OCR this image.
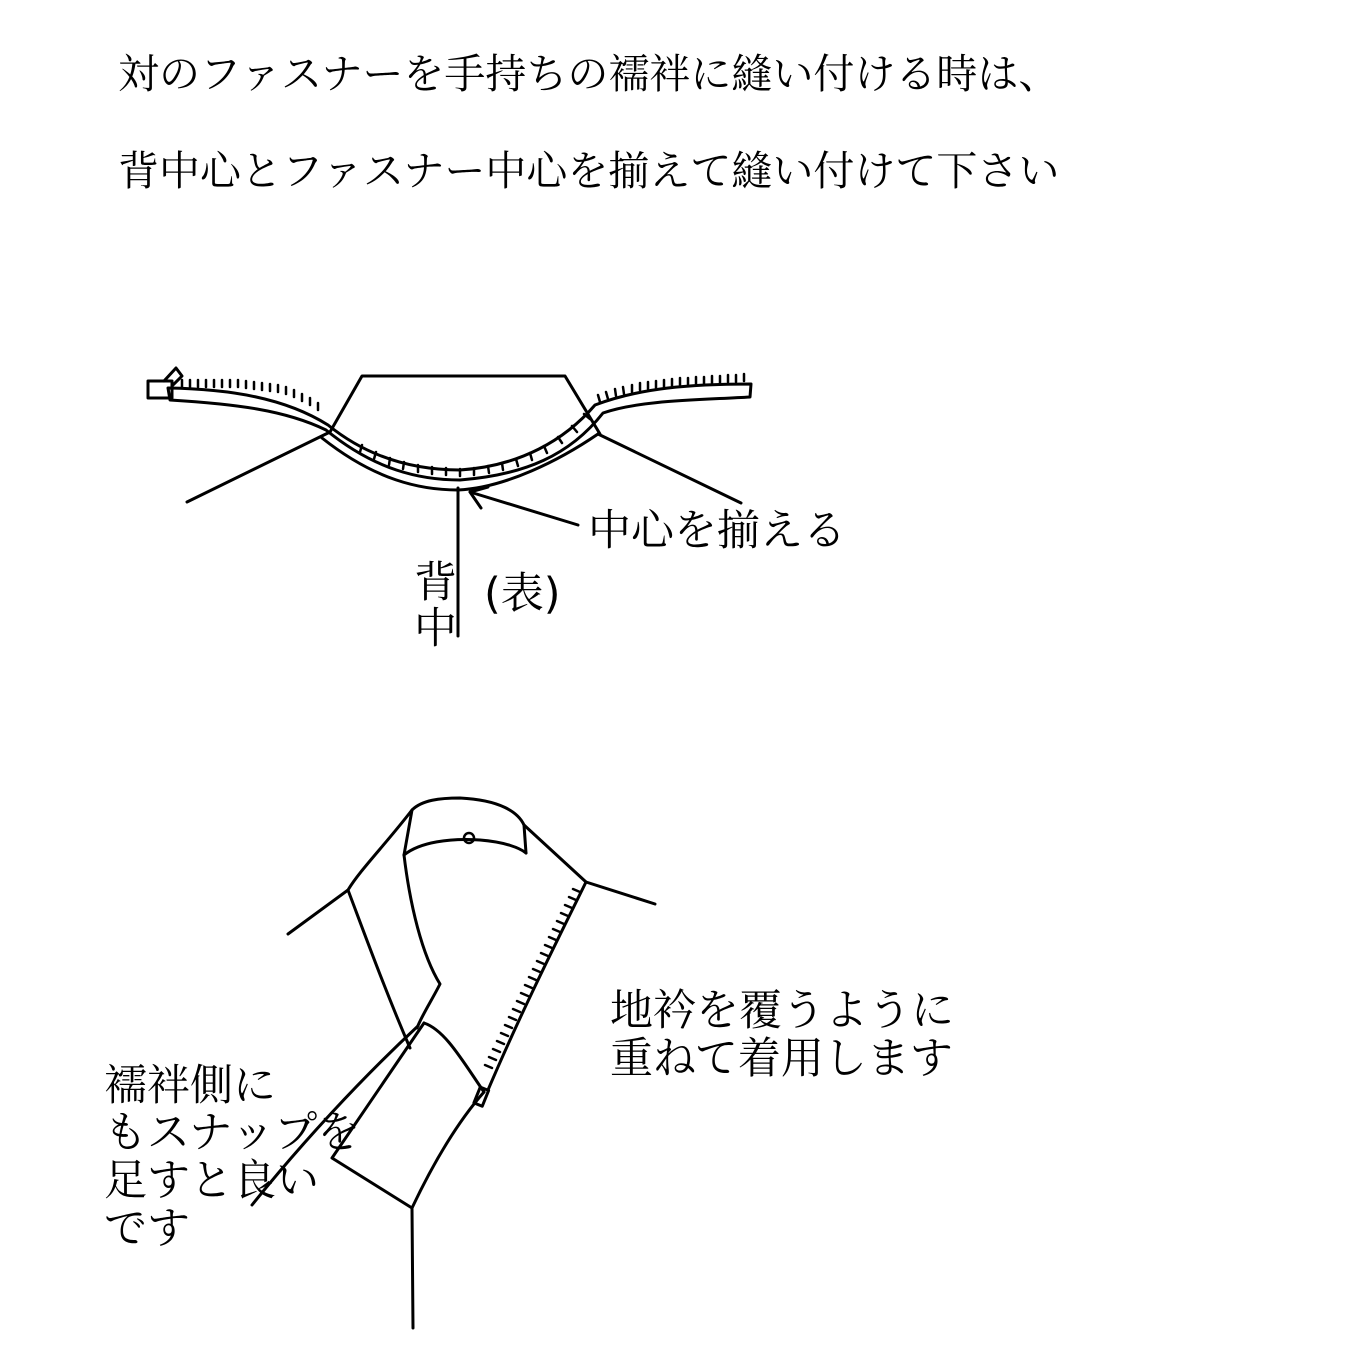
対のファスナーを手持ちの襦袢に縫い付ける時は、
背中心とファスナー中心を揃えて縫い付けて下さい
中心を揃える
背
中
(表)
地衿を覆うように
重ねて着用します
襦袢側に
もスナップを
足すと良い
です
